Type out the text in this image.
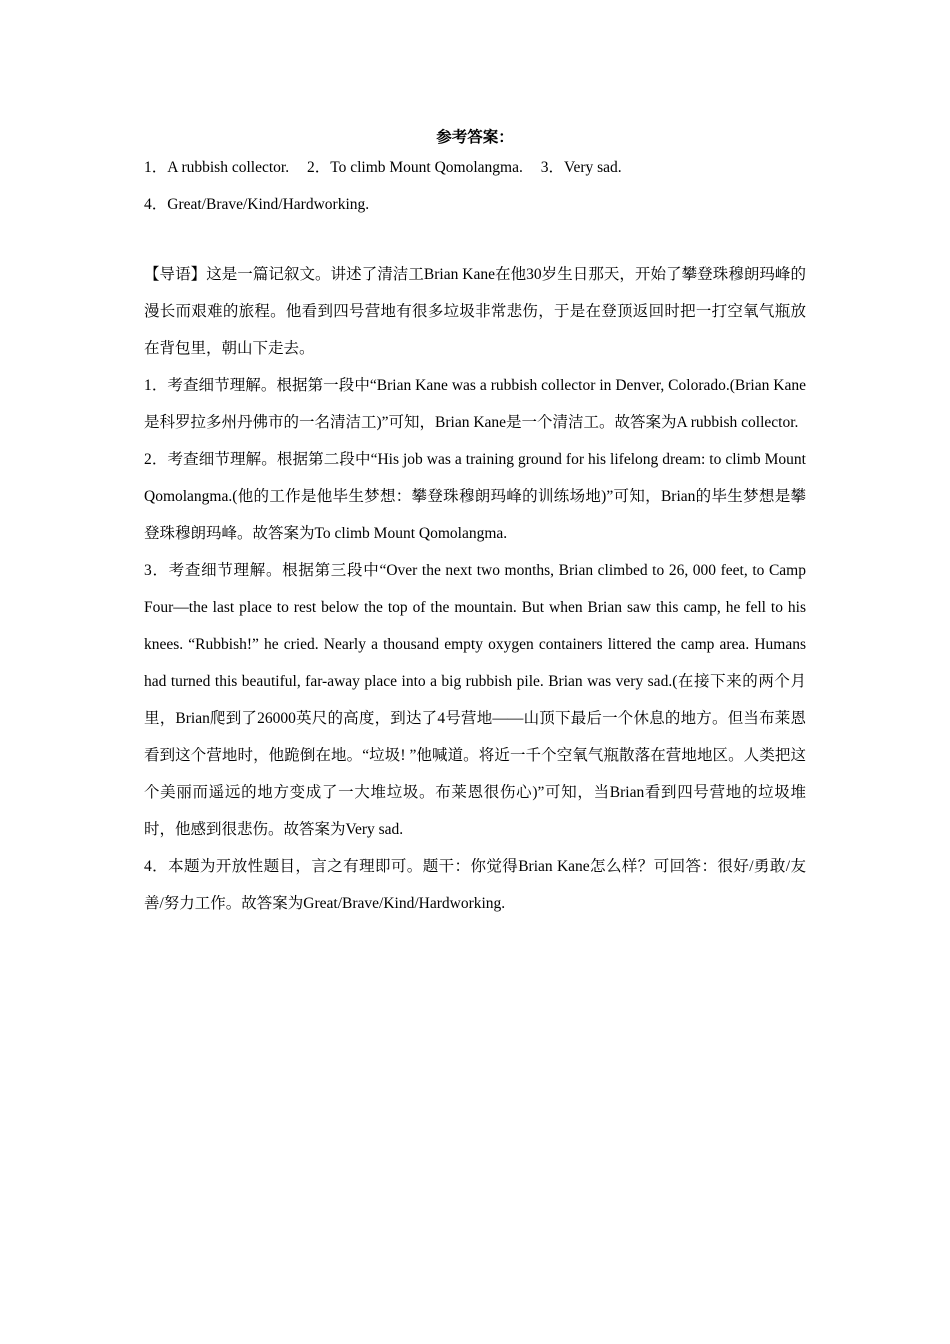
参考答案：
1．A rubbish collector. 2．To climb Mount Qomolangma. 3．Very sad.
4．Great/Brave/Kind/Hardworking.

【导语】这是一篇记叙文。讲述了清洁工Brian Kane在他30岁生日那天，开始了攀登珠穆朗玛峰的漫长而艰难的旅程。他看到四号营地有很多垃圾非常悲伤，于是在登顶返回时把一打空氧气瓶放在背包里，朝山下走去。

1．考查细节理解。根据第一段中“Brian Kane was a rubbish collector in Denver, Colorado.(Brian Kane是科罗拉多州丹佛市的一名清洁工)”可知，Brian Kane是一个清洁工。故答案为A rubbish collector.

2．考查细节理解。根据第二段中“His job was a training ground for his lifelong dream: to climb Mount Qomolangma.(他的工作是他毕生梦想：攀登珠穆朗玛峰的训练场地)”可知，Brian的毕生梦想是攀登珠穆朗玛峰。故答案为To climb Mount Qomolangma.

3．考查细节理解。根据第三段中“Over the next two months, Brian climbed to 26, 000 feet, to Camp Four—the last place to rest below the top of the mountain. But when Brian saw this camp, he fell to his knees. “Rubbish!” he cried. Nearly a thousand empty oxygen containers littered the camp area. Humans had turned this beautiful, far-away place into a big rubbish pile. Brian was very sad.(在接下来的两个月里，Brian爬到了26000英尺的高度，到达了4号营地——山顶下最后一个休息的地方。但当布莱恩看到这个营地时，他跪倒在地。“垃圾! ”他喊道。将近一千个空氧气瓶散落在营地地区。人类把这个美丽而遥远的地方变成了一大堆垃圾。布莱恩很伤心)”可知，当Brian看到四号营地的垃圾堆时，他感到很悲伤。故答案为Very sad.

4．本题为开放性题目，言之有理即可。题干：你觉得Brian Kane怎么样？可回答：很好/勇敢/友善/努力工作。故答案为Great/Brave/Kind/Hardworking.
